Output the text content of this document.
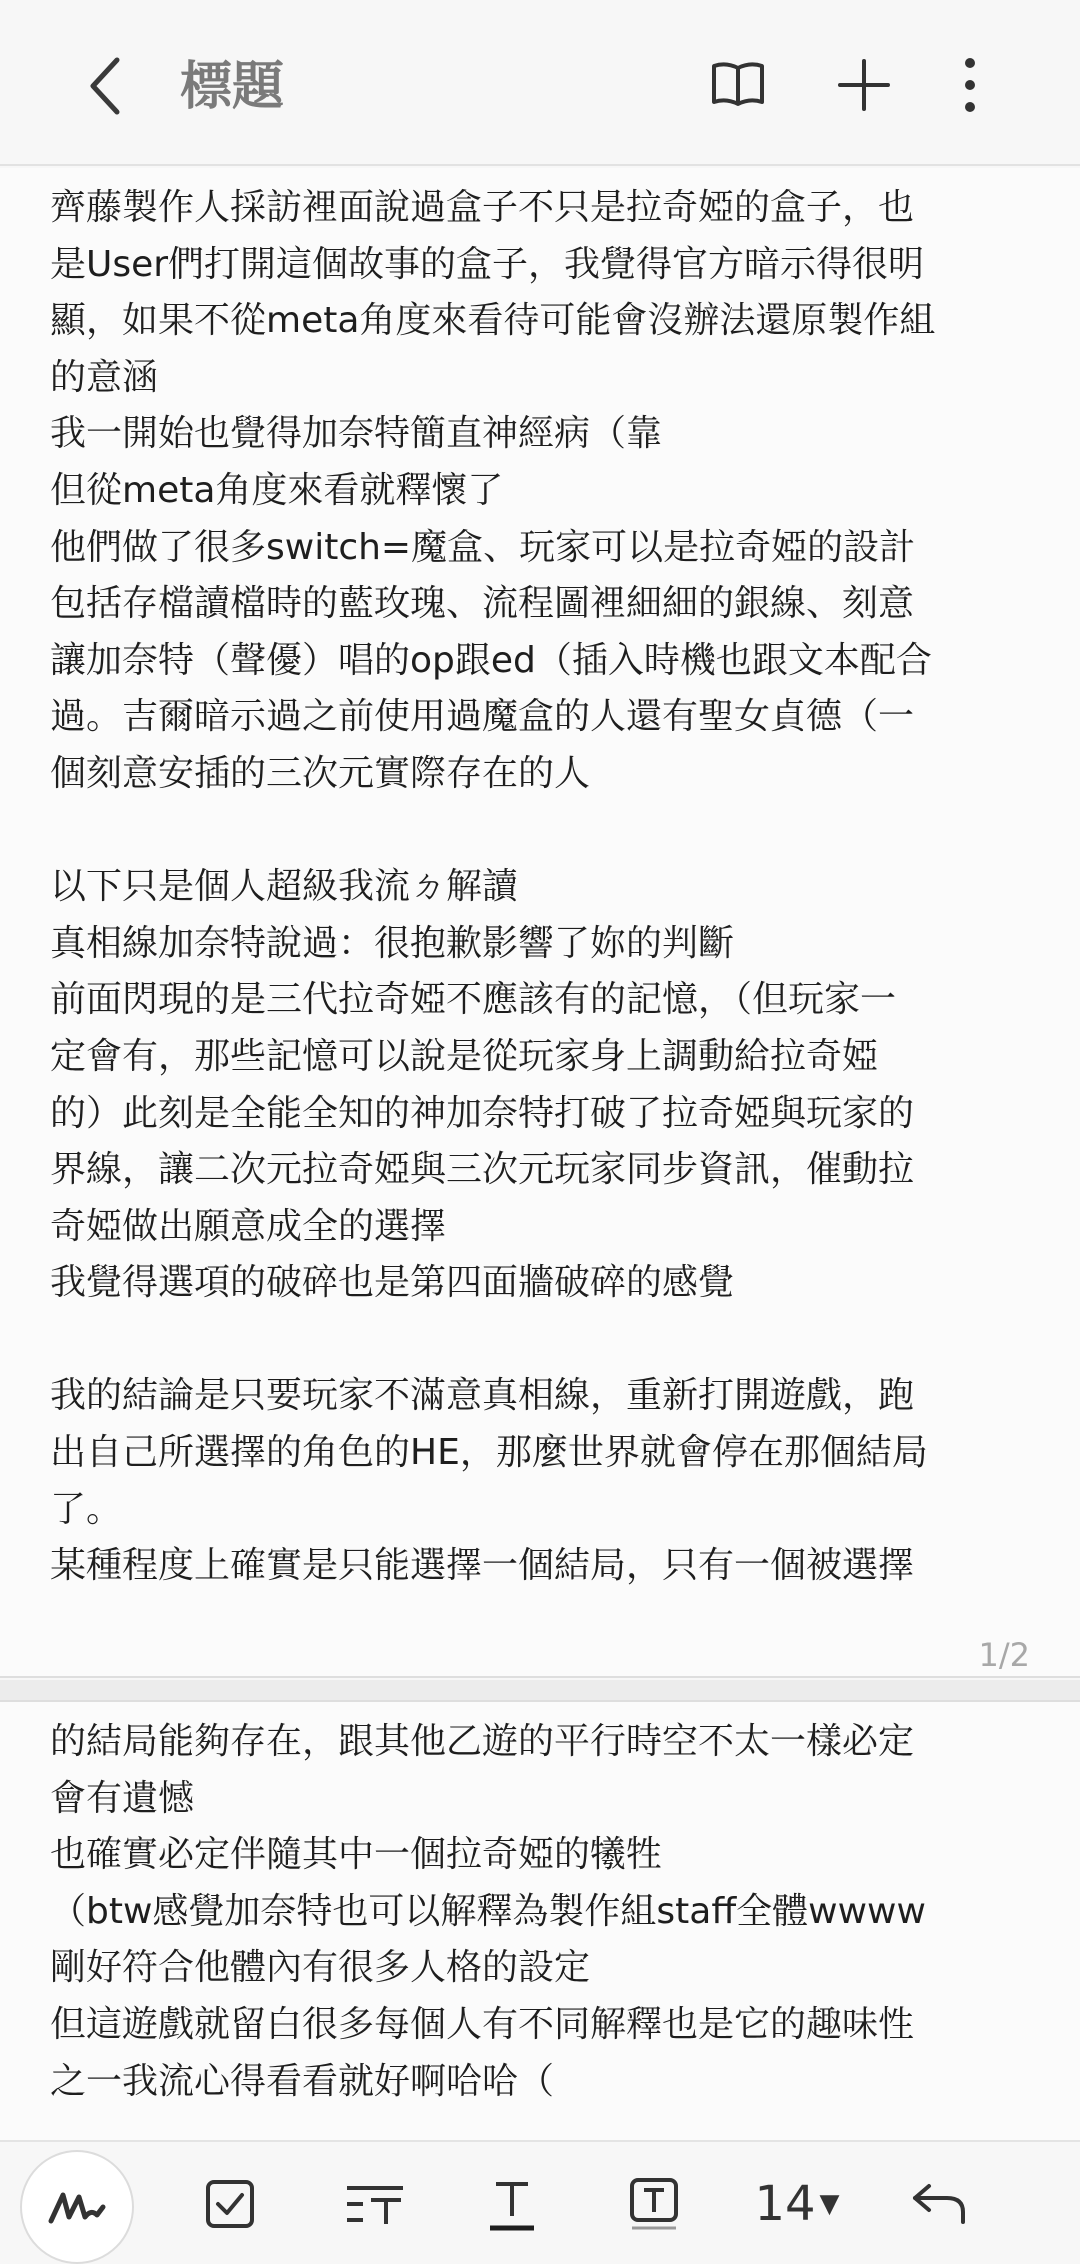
標題
齊藤製作人採訪裡面說過盒子不只是拉奇婭的盒子，也
是User們打開這個故事的盒子，我覺得官方暗示得很明
顯，如果不從meta角度來看待可能會沒辦法還原製作組
的意涵
我一開始也覺得加奈特簡直神經病（靠
但從meta角度來看就釋懷了
他們做了很多switch=魔盒、玩家可以是拉奇婭的設計
包括存檔讀檔時的藍玫瑰、流程圖裡細細的銀線、刻意
讓加奈特（聲優）唱的op跟ed（插入時機也跟文本配合
過。吉爾暗示過之前使用過魔盒的人還有聖女貞德（一
個刻意安插的三次元實際存在的人
以下只是個人超級我流ㄉ解讀
真相線加奈特說過：很抱歉影響了妳的判斷
前面閃現的是三代拉奇婭不應該有的記憶，（但玩家一
定會有，那些記憶可以說是從玩家身上調動給拉奇婭
的）此刻是全能全知的神加奈特打破了拉奇婭與玩家的
界線，讓二次元拉奇婭與三次元玩家同步資訊，催動拉
奇婭做出願意成全的選擇
我覺得選項的破碎也是第四面牆破碎的感覺
我的結論是只要玩家不滿意真相線，重新打開遊戲，跑
出自己所選擇的角色的HE，那麼世界就會停在那個結局
了。
某種程度上確實是只能選擇一個結局，只有一個被選擇
1/2
的結局能夠存在，跟其他乙遊的平行時空不太一樣必定
會有遺憾
也確實必定伴隨其中一個拉奇婭的犧牲
（btw感覺加奈特也可以解釋為製作組staff全體wwww
剛好符合他體內有很多人格的設定
但這遊戲就留白很多每個人有不同解釋也是它的趣味性
之一我流心得看看就好啊哈哈（
14 ▼
